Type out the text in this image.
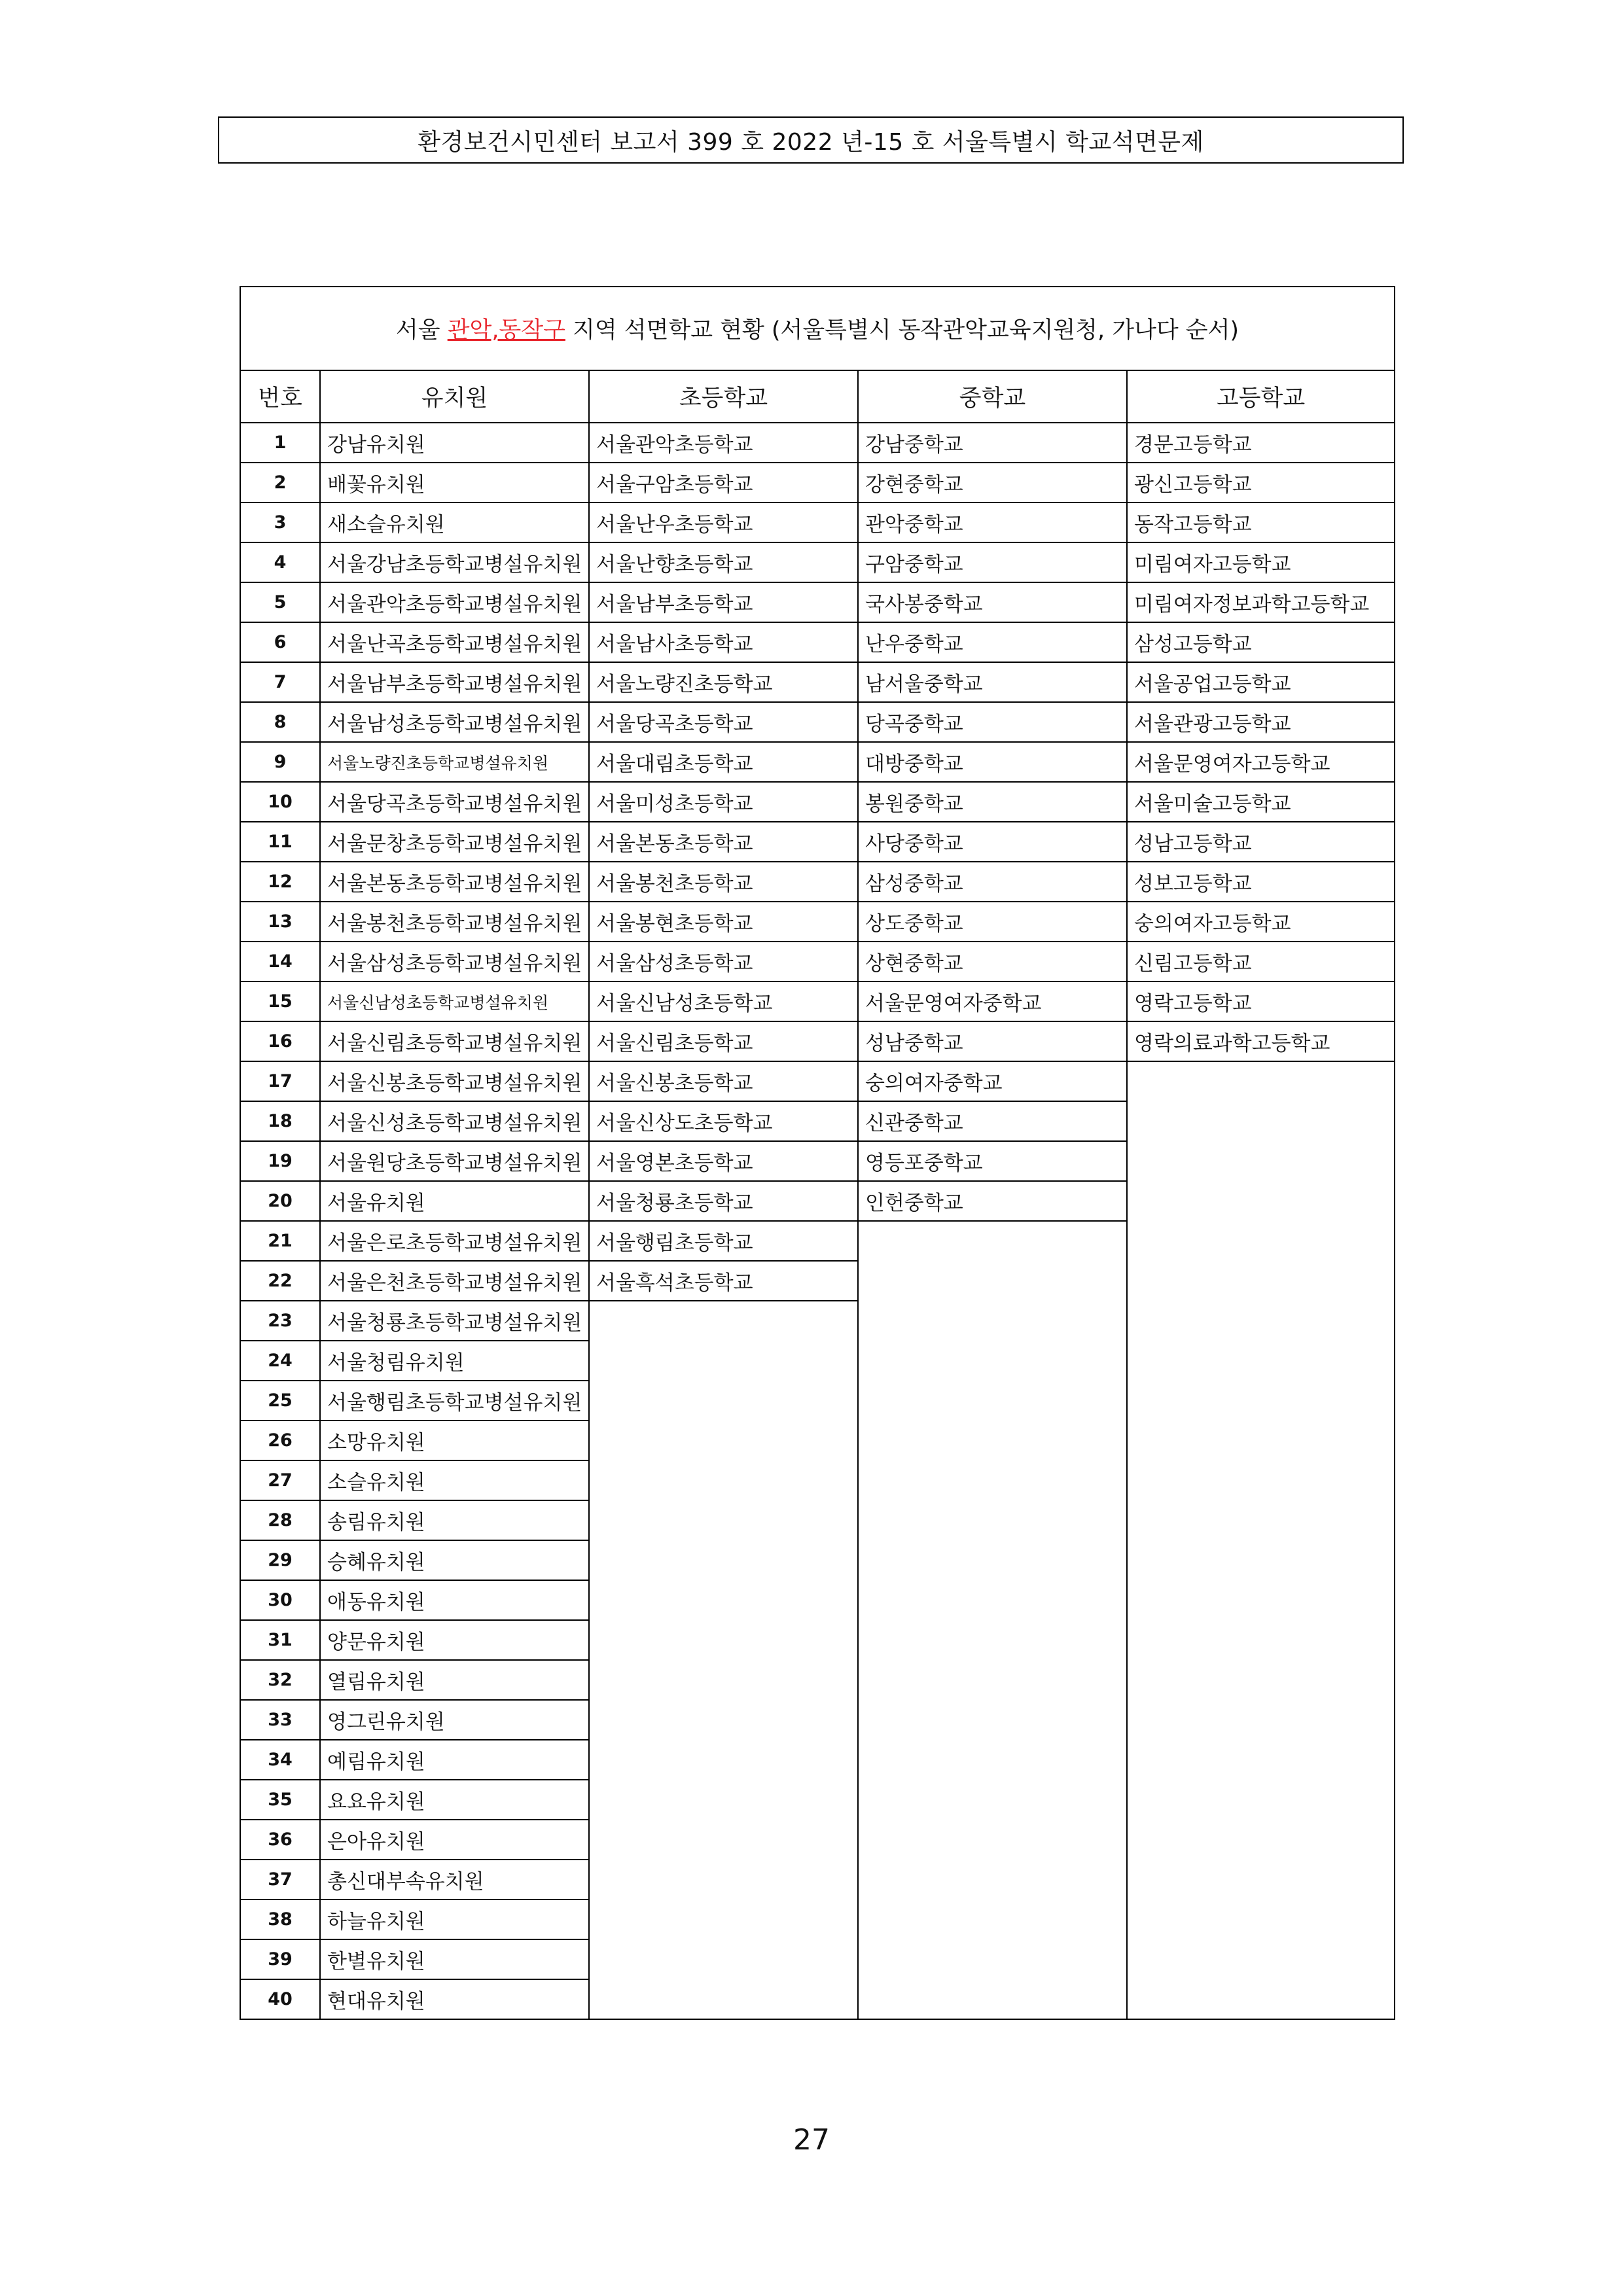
환경보건시민센터 보고서 399 호 2022 년-15 호 서울특별시 학교석면문제
서울 관악,동작구 지역 석면학교 현황 (서울특별시 동작관악교육지원청, 가나다 순서)				
번호	유치원	초등학교	중학교	고등학교
1	강남유치원	서울관악초등학교	강남중학교	경문고등학교
2	배꽃유치원	서울구암초등학교	강현중학교	광신고등학교
3	새소슬유치원	서울난우초등학교	관악중학교	동작고등학교
4	서울강남초등학교병설유치원	서울난향초등학교	구암중학교	미림여자고등학교
5	서울관악초등학교병설유치원	서울남부초등학교	국사봉중학교	미림여자정보과학고등학교
6	서울난곡초등학교병설유치원	서울남사초등학교	난우중학교	삼성고등학교
7	서울남부초등학교병설유치원	서울노량진초등학교	남서울중학교	서울공업고등학교
8	서울남성초등학교병설유치원	서울당곡초등학교	당곡중학교	서울관광고등학교
9	서울노량진초등학교병설유치원	서울대림초등학교	대방중학교	서울문영여자고등학교
10	서울당곡초등학교병설유치원	서울미성초등학교	봉원중학교	서울미술고등학교
11	서울문창초등학교병설유치원	서울본동초등학교	사당중학교	성남고등학교
12	서울본동초등학교병설유치원	서울봉천초등학교	삼성중학교	성보고등학교
13	서울봉천초등학교병설유치원	서울봉현초등학교	상도중학교	숭의여자고등학교
14	서울삼성초등학교병설유치원	서울삼성초등학교	상현중학교	신림고등학교
15	서울신남성초등학교병설유치원	서울신남성초등학교	서울문영여자중학교	영락고등학교
16	서울신림초등학교병설유치원	서울신림초등학교	성남중학교	영락의료과학고등학교
17	서울신봉초등학교병설유치원	서울신봉초등학교	숭의여자중학교	
18	서울신성초등학교병설유치원	서울신상도초등학교	신관중학교	
19	서울원당초등학교병설유치원	서울영본초등학교	영등포중학교	
20	서울유치원	서울청룡초등학교	인헌중학교	
21	서울은로초등학교병설유치원	서울행림초등학교		
22	서울은천초등학교병설유치원	서울흑석초등학교		
23	서울청룡초등학교병설유치원			
24	서울청림유치원			
25	서울행림초등학교병설유치원			
26	소망유치원			
27	소슬유치원			
28	송림유치원			
29	승혜유치원			
30	애동유치원			
31	양문유치원			
32	열림유치원			
33	영그린유치원			
34	예림유치원			
35	요요유치원			
36	은아유치원			
37	총신대부속유치원			
38	하늘유치원			
39	한별유치원			
40	현대유치원			
27
